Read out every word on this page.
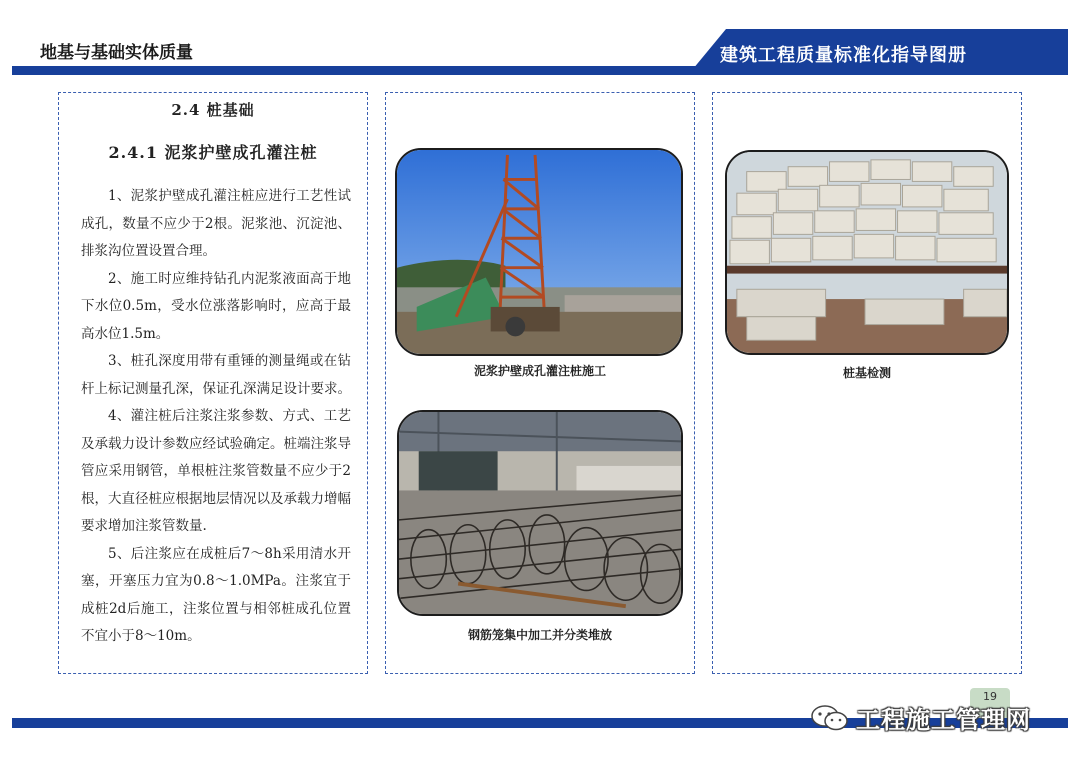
地基与基础实体质量	建筑工程质量标准化指导图册
2.4 桩基础
2.4.1 泥浆护壁成孔灌注桩

1、泥浆护壁成孔灌注桩应进行工艺性试成孔，数量不应少于2根。泥浆池、沉淀池、排浆沟位置设置合理。

2、施工时应维持钻孔内泥浆液面高于地下水位0.5m，受水位涨落影响时，应高于最高水位1.5m。

3、桩孔深度用带有重锤的测量绳或在钻杆上标记测量孔深，保证孔深满足设计要求。

4、灌注桩后注浆注浆参数、方式、工艺及承载力设计参数应经试验确定。桩端注浆导管应采用钢管，单根桩注浆管数量不应少于2根，大直径桩应根据地层情况以及承载力增幅要求增加注浆管数量.

5、后注浆应在成桩后7～8h采用清水开塞，开塞压力宜为0.8～1.0MPa。注浆宜于成桩2d后施工，注浆位置与相邻桩成孔位置不宜小于8～10m。

泥浆护壁成孔灌注桩施工
钢筋笼集中加工并分类堆放
桩基检测
19
工程施工管理网
